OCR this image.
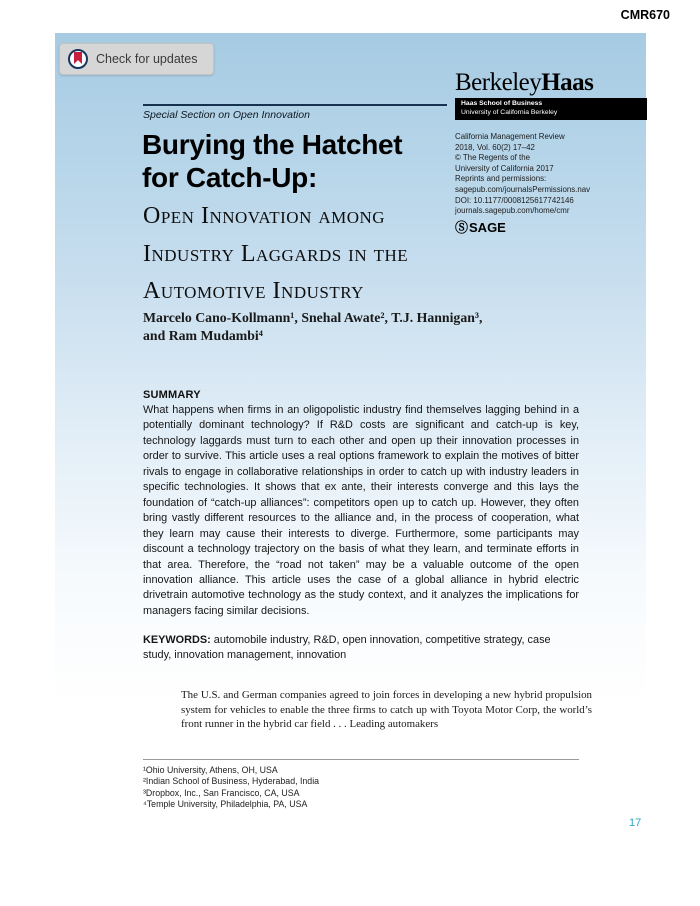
CMR670
Check for updates
BerkeleyHaas
Haas School of Business
University of California Berkeley
Special Section on Open Innovation
Burying the Hatchet
for Catch-Up:
Open Innovation among
Industry Laggards in the
Automotive Industry
California Management Review
2018, Vol. 60(2) 17–42
© The Regents of the
University of California 2017
Reprints and permissions:
sagepub.com/journalsPermissions.nav
DOI: 10.1177/0008125617742146
journals.sagepub.com/home/cmr
Ⓢ SAGE
Marcelo Cano-Kollmann¹, Snehal Awate², T.J. Hannigan³,
and Ram Mudambi⁴
SUMMARY
What happens when firms in an oligopolistic industry find themselves lagging behind in a potentially dominant technology? If R&D costs are significant and catch-up is key, technology laggards must turn to each other and open up their innovation processes in order to survive. This article uses a real options framework to explain the motives of bitter rivals to engage in collaborative relationships in order to catch up with industry leaders in specific technologies. It shows that ex ante, their interests converge and this lays the foundation of “catch-up alliances”: competitors open up to catch up. However, they often bring vastly different resources to the alliance and, in the process of cooperation, what they learn may cause their interests to diverge. Furthermore, some participants may discount a technology trajectory on the basis of what they learn, and terminate efforts in that area. Therefore, the “road not taken” may be a valuable outcome of the open innovation alliance. This article uses the case of a global alliance in hybrid electric drivetrain automotive technology as the study context, and it analyzes the implications for managers facing similar decisions.
KEYWORDS: automobile industry, R&D, open innovation, competitive strategy, case study, innovation management, innovation
The U.S. and German companies agreed to join forces in developing a new hybrid propulsion system for vehicles to enable the three firms to catch up with Toyota Motor Corp, the world’s front runner in the hybrid car field . . . Leading automakers
¹Ohio University, Athens, OH, USA
²Indian School of Business, Hyderabad, India
³Dropbox, Inc., San Francisco, CA, USA
⁴Temple University, Philadelphia, PA, USA
17
